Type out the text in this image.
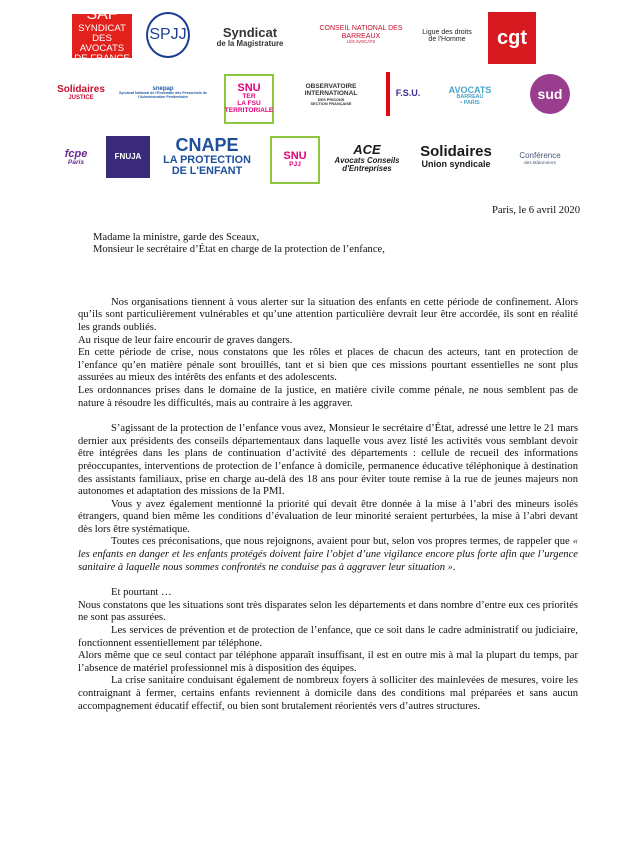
SAF
SYNDICAT DES AVOCATS DE FRANCE
SPJJ	Syndicat
de la Magistrature
CONSEIL NATIONAL DES BARREAUX
LES AVOCATS
Ligue des droits de l'Homme	cgt
Solidaires
JUSTICE
snepap
Syndicat National de l'Ensemble des Personnels de l'Administration Pénitentiaire
SNU
TER
LA FSU TERRITORIALE
OBSERVATOIRE INTERNATIONAL
DES PRISONS
SECTION FRANÇAISE
F.S.U.	AVOCATS
BARREAU
• PARIS
sud
fcpe
Paris
FNUJA
CNAPE
LA PROTECTION DE L'ENFANT
SNU
PJJ
ACE
Avocats Conseils d'Entreprises
Solidaires
Union syndicale
Conférence
des Bâtonniers
Paris, le 6 avril 2020
Madame la ministre, garde des Sceaux,
Monsieur le secrétaire d’État en charge de la protection de l’enfance,

Nos organisations tiennent à vous alerter sur la situation des enfants en cette période de confinement. Alors qu’ils sont particulièrement vulnérables et qu’une attention particulière devrait leur être accordée, ils sont en réalité les grands oubliés.

Au risque de leur faire encourir de graves dangers.

En cette période de crise, nous constatons que les rôles et places de chacun des acteurs, tant en protection de l’enfance qu’en matière pénale sont brouillés, tant et si bien que ces missions pourtant essentielles ne sont plus assurées au mieux des intérêts des enfants et des adolescents.

Les ordonnances prises dans le domaine de la justice, en matière civile comme pénale, ne nous semblent pas de nature à résoudre les difficultés, mais au contraire à les aggraver.

S’agissant de la protection de l’enfance vous avez, Monsieur le secrétaire d’État, adressé une lettre le 21 mars dernier aux présidents des conseils départementaux dans laquelle vous avez listé les activités vous semblant devoir être intégrées dans les plans de continuation d’activité des départements : cellule de recueil des informations préoccupantes, interventions de protection de l’enfance à domicile, permanence éducative téléphonique à destination des assistants familiaux, prise en charge au-delà des 18 ans pour éviter toute remise à la rue de jeunes majeurs non autonomes et adaptation des missions de la PMI.

Vous y avez également mentionné la priorité qui devait être donnée à la mise à l’abri des mineurs isolés étrangers, quand bien même les conditions d’évaluation de leur minorité seraient perturbées, la mise à l’abri devant dès lors être systématique.

Toutes ces préconisations, que nous rejoignons, avaient pour but, selon vos propres termes, de rappeler que « les enfants en danger et les enfants protégés doivent faire l’objet d’une vigilance encore plus forte afin que l’urgence sanitaire à laquelle nous sommes confrontés ne conduise pas à aggraver leur situation ».

Et pourtant …

Nous constatons que les situations sont très disparates selon les départements et dans nombre d’entre eux ces priorités ne sont pas assurées.

Les services de prévention et de protection de l’enfance, que ce soit dans le cadre administratif ou judiciaire, fonctionnent essentiellement par téléphone.

Alors même que ce seul contact par téléphone apparaît insuffisant, il est en outre mis à mal la plupart du temps, par l’absence de matériel professionnel mis à disposition des équipes.

La crise sanitaire conduisant également de nombreux foyers à solliciter des mainlevées de mesures, voire les contraignant à fermer, certains enfants reviennent à domicile dans des conditions mal préparées et sans aucun accompagnement éducatif effectif, ou bien sont brutalement réorientés vers d’autres structures.
